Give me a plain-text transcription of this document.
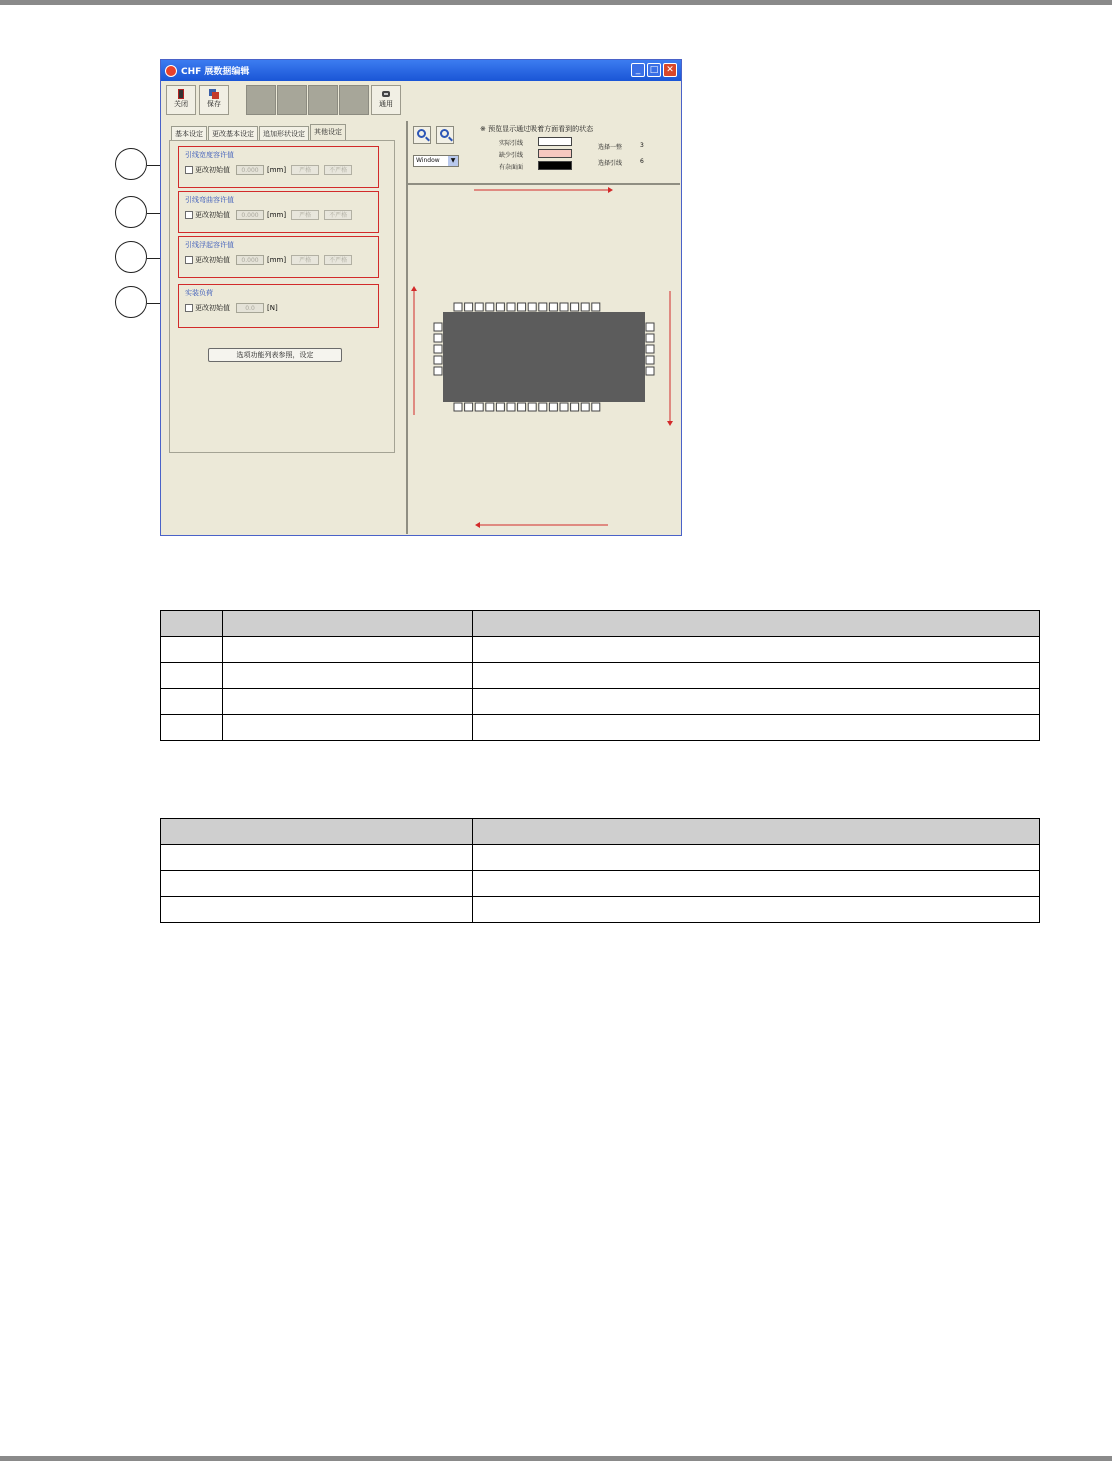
CHF 展数据编辑	_	□ ✕
关闭	保存	通用
基本设定	更改基本设定	追加形状设定	其他设定
引线宽度容许值
更改初始值	0.000	[mm]	严格	不严格
引线弯曲容许值
更改初始值	0.000	[mm]	严格	不严格
引线浮起容许值
更改初始值	0.000	[mm]	严格	不严格
实装负荷
更改初始值	0.0	[N]
选项功能列表参照，设定
※ 预览显示通过吸着方面看到的状态
实际引线
缺少引线
有杂面面
选择一整	3
选择引线	6
Window	▼
